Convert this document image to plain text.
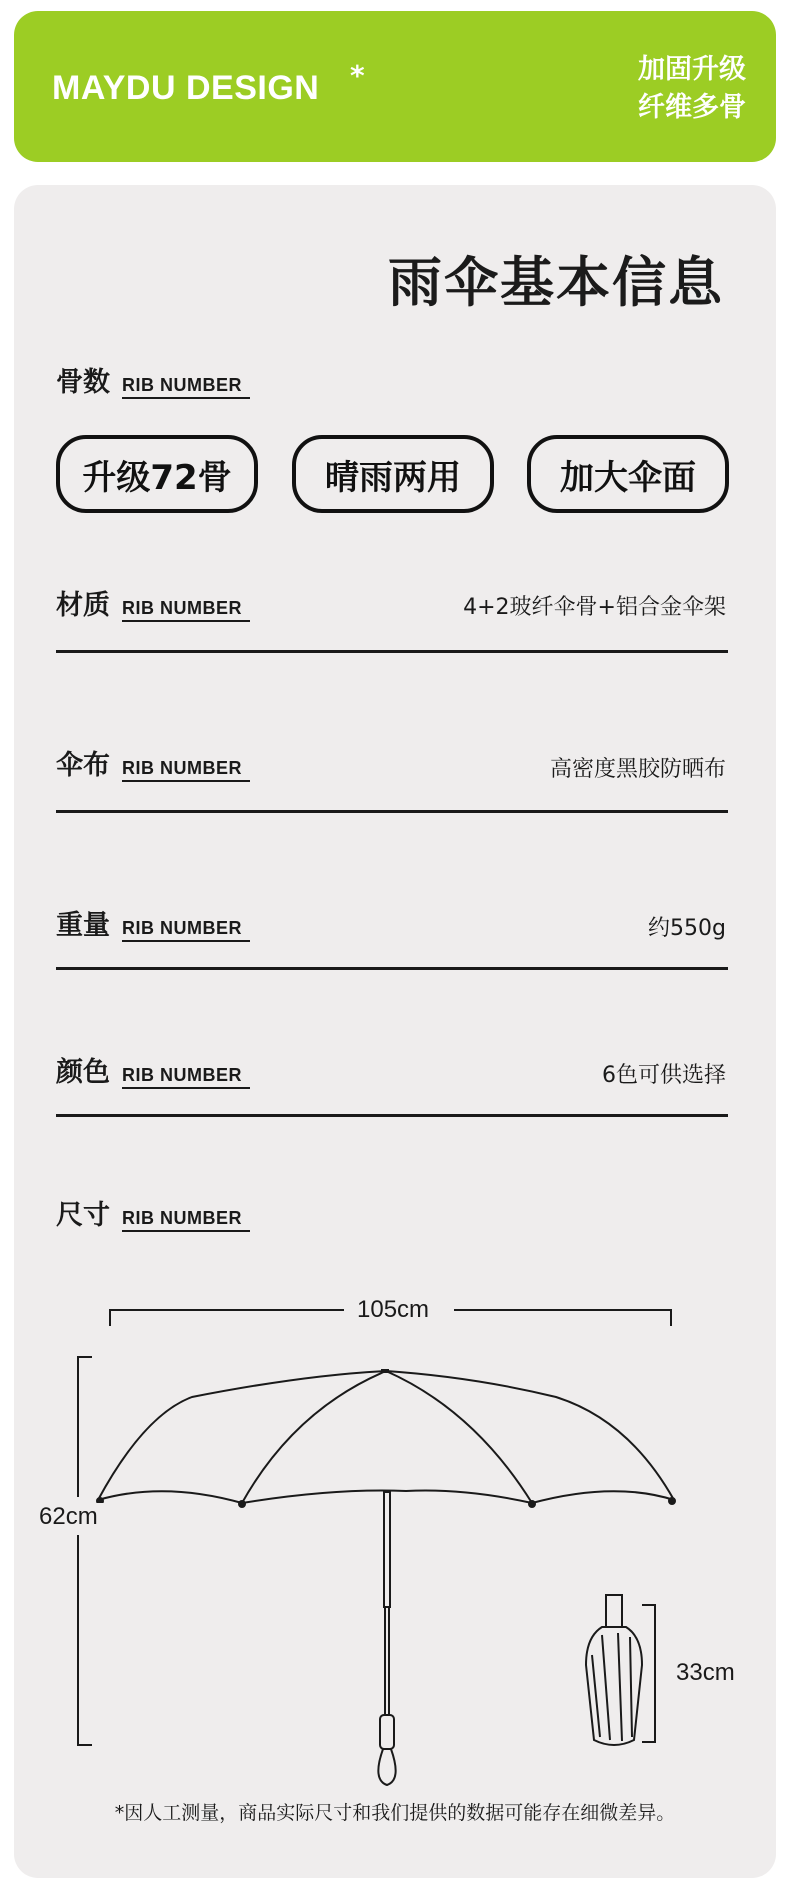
MAYDU DESIGN *	加固升级
纤维多骨
雨伞基本信息
骨数 RIB NUMBER
升级72骨	晴雨两用	加大伞面
材质 RIB NUMBER	4+2玻纤伞骨+铝合金伞架
伞布 RIB NUMBER	高密度黑胶防晒布
重量 RIB NUMBER	约550g
颜色 RIB NUMBER	6色可供选择
尺寸 RIB NUMBER
105cm
62cm
33cm
*因人工测量，商品实际尺寸和我们提供的数据可能存在细微差异。
